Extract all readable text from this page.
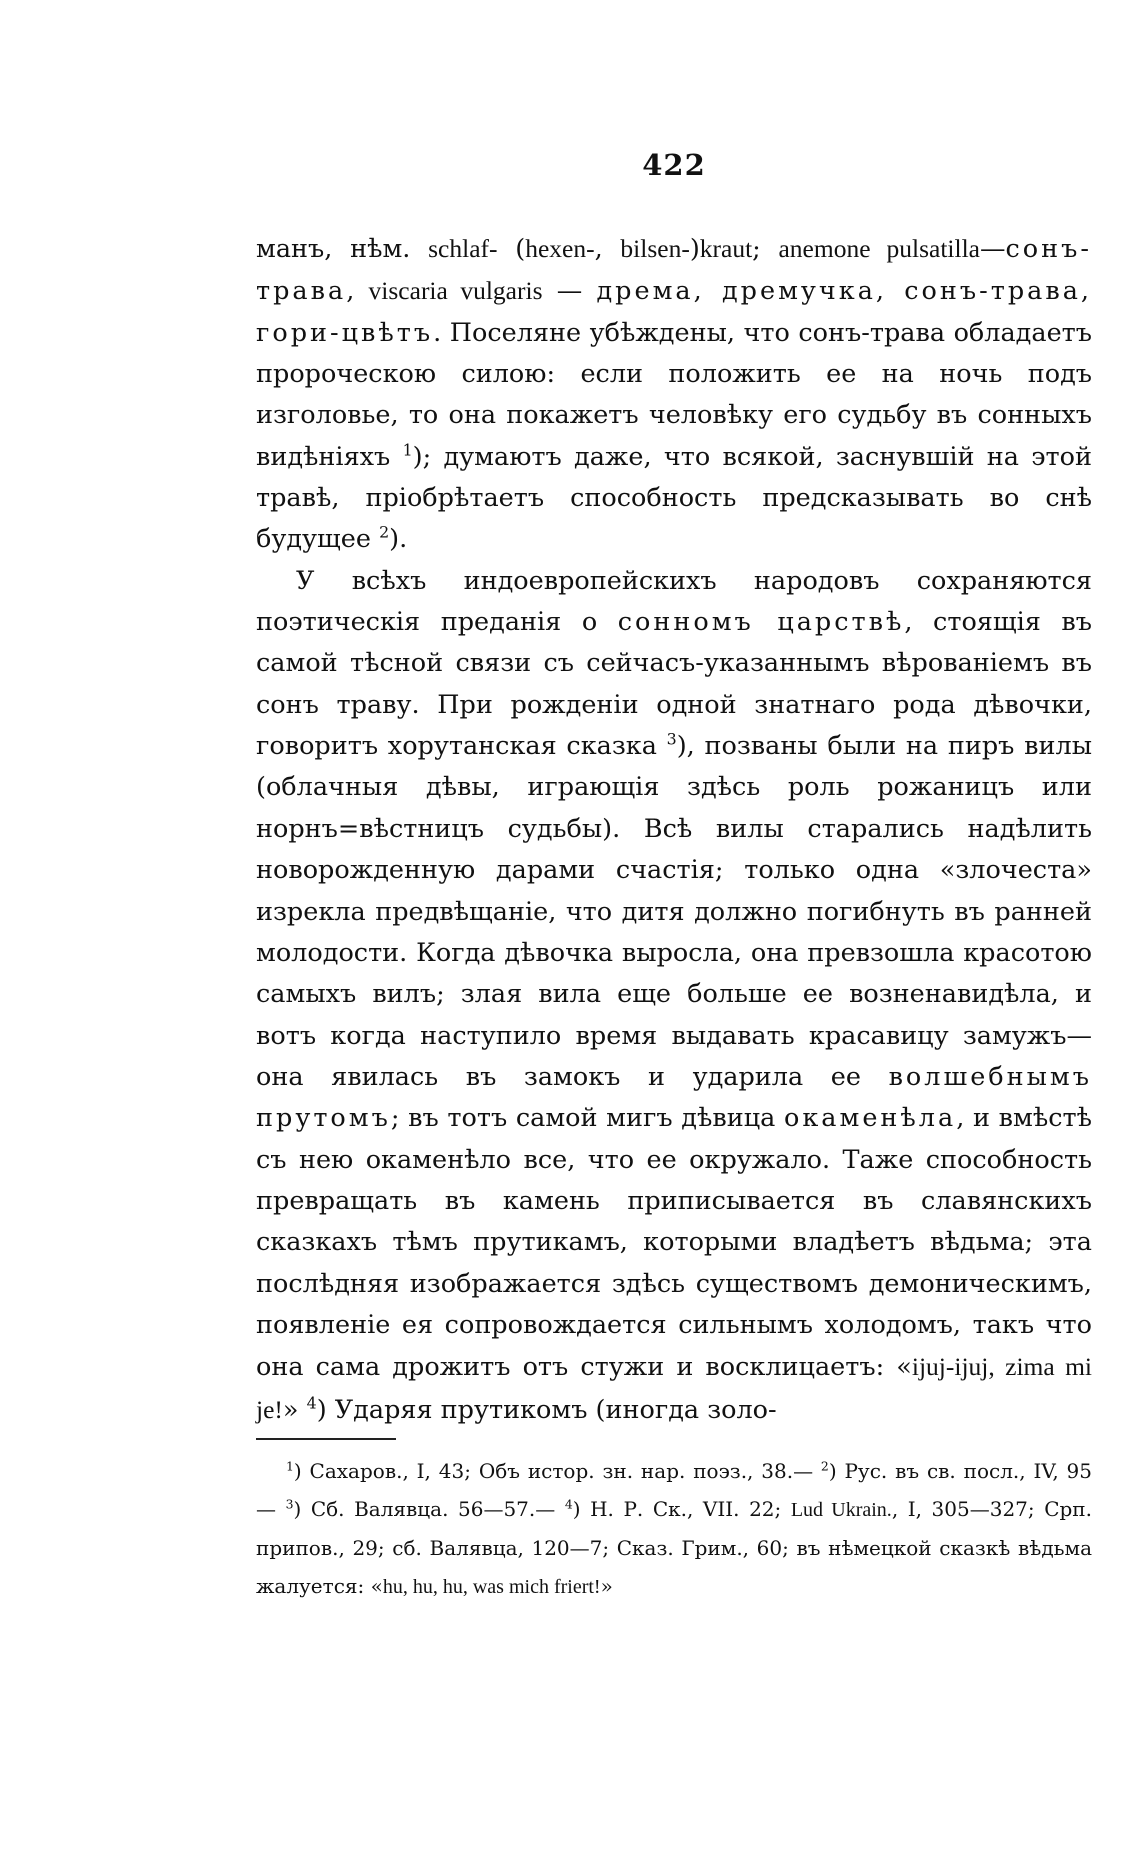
422

манъ, нѣм. schlaf- (hexen-, bilsen-)kraut; anemone pulsatilla—сонъ-трава, viscaria vulgaris — дрема, дремучка, сонъ-трава, гори-цвѣтъ. Поселяне убѣждены, что сонъ-трава обладаетъ пророческою силою: если положить ее на ночь подъ изголовье, то она покажетъ человѣку его судьбу въ сонныхъ видѣніяхъ $^1$); думаютъ даже, что всякой, заснувшій на этой травѣ, пріобрѣтаетъ способность предсказывать во снѣ будущее $^2$).

У всѣхъ индоевропейскихъ народовъ сохраняются поэтическія преданія о сонномъ царствѣ, стоящія въ самой тѣсной связи съ сейчасъ-указаннымъ вѣрованіемъ въ сонъ траву. При рожденіи одной знатнаго рода дѣвочки, говоритъ хорутанская сказка $^3$), позваны были на пиръ вилы (облачныя дѣвы, играющія здѣсь роль рожаницъ или норнъ=вѣстницъ судьбы). Всѣ вилы старались надѣлить новорожденную дарами счастія; только одна «злочеста» изрекла предвѣщаніе, что дитя должно погибнуть въ ранней молодости. Когда дѣвочка выросла, она превзошла красотою самыхъ вилъ; злая вила еще больше ее возненавидѣла, и вотъ когда наступило время выдавать красавицу замужъ—она явилась въ замокъ и ударила ее волшебнымъ прутомъ; въ тотъ самой мигъ дѣвица окаменѣла, и вмѣстѣ съ нею окаменѣло все, что ее окружало. Таже способность превращать въ камень приписывается въ славянскихъ сказкахъ тѣмъ прутикамъ, которыми владѣетъ вѣдьма; эта послѣдняя изображается здѣсь существомъ демоническимъ, появленіе ея сопровождается сильнымъ холодомъ, такъ что она сама дрожитъ отъ стужи и восклицаетъ: «ijuj-ijuj, zima mi je!» $^4$) Ударяя прутикомъ (иногда золо-

$^1$) Сахаров., I, 43; Объ истор. зн. нар. поэз., 38.— $^2$) Рус. въ св. посл., IV, 95 — $^3$) Сб. Валявца. 56—57.— $^4$) Н. Р. Ск., VII. 22; Lud Ukrain., I, 305—327; Срп. припов., 29; сб. Валявца, 120—7; Сказ. Грим., 60; въ нѣмецкой сказкѣ вѣдьма жалуется: «hu, hu, hu, was mich friert!»
